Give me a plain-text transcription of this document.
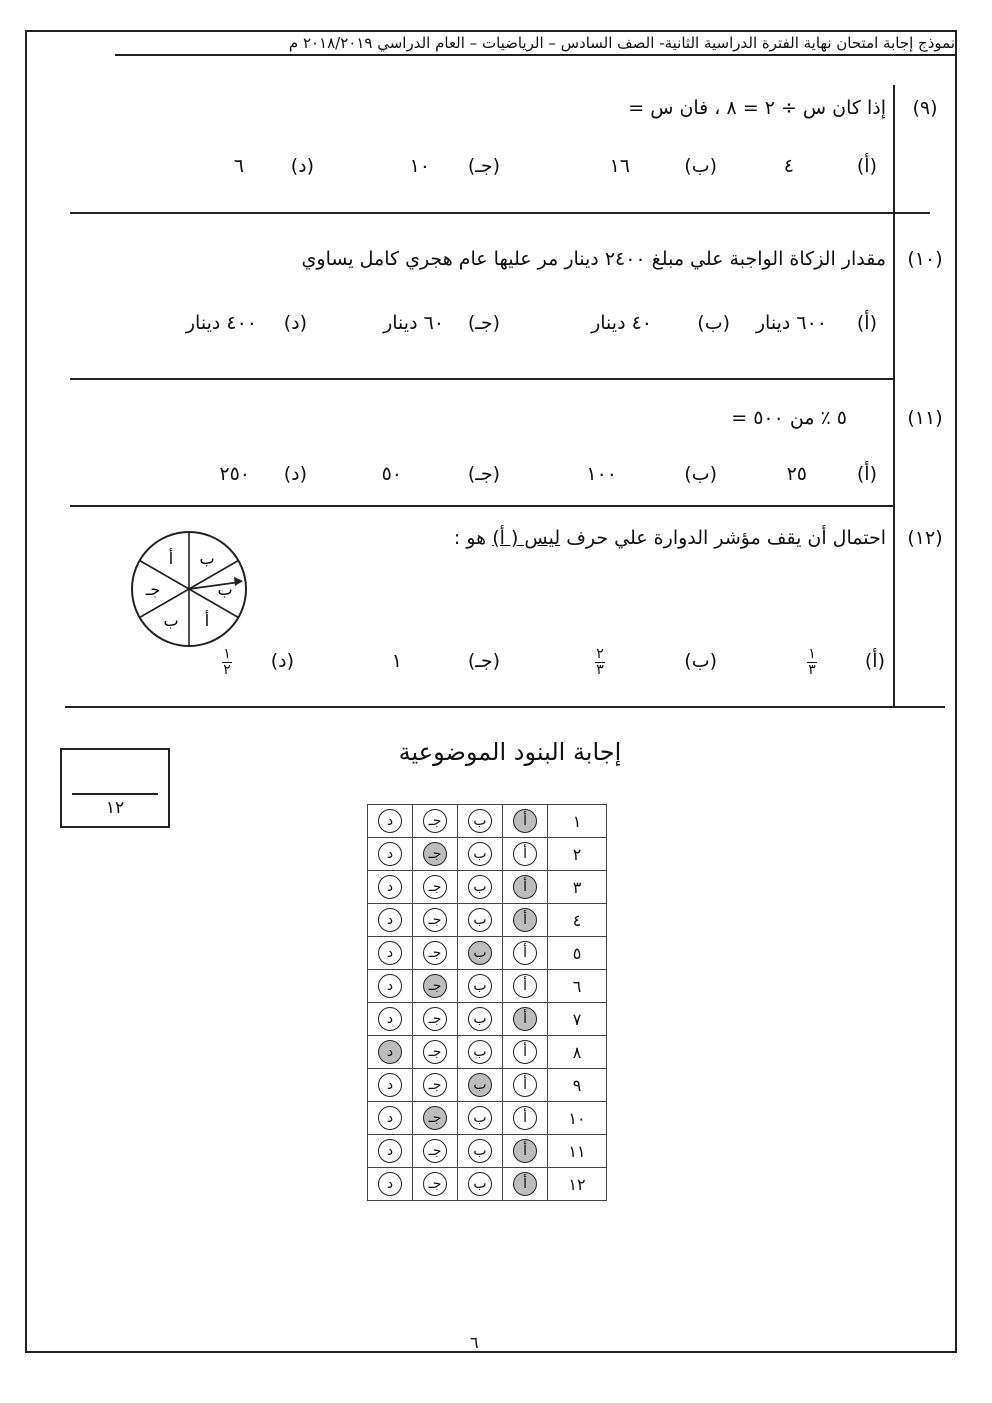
نموذج إجابة امتحان نهاية الفترة الدراسية الثانية- الصف السادس – الرياضيات – العام الدراسي ٢٠١٨/٢٠١٩ م
(٩)
إذا كان س ÷ ٢ = ٨ ، فان س =
(أ)
٤
(ب)
١٦
(جـ)
١٠
(د)
٦
(١٠)
مقدار الزكاة الواجبة علي مبلغ ٢٤٠٠ دينار مر عليها عام هجري كامل يساوي
(أ)
٦٠٠ دينار
(ب)
٤٠ دينار
(جـ)
٦٠ دينار
(د)
٤٠٠ دينار
(١١)
٥ ٪ من ٥٠٠ =
(أ)
٢٥
(ب)
١٠٠
(جـ)
٥٠
(د)
٢٥٠
(١٢)
احتمال أن يقف مؤشر الدوارة علي حرف ليس ( أ) هو :
أ ب
ب
أ
ب
جـ
(أ)
$\frac{١}{٣}$
(ب)
$\frac{٢}{٣}$
(جـ)
١
(د)
$\frac{١}{٢}$
إجابة البنود الموضوعية
١٢
١	أ	ب	جـ	د
٢	أ	ب	جـ	د
٣	أ	ب	جـ	د
٤	أ	ب	جـ	د
٥	أ	ب	جـ	د
٦	أ	ب	جـ	د
٧	أ	ب	جـ	د
٨	أ	ب	جـ	د
٩	أ	ب	جـ	د
١٠	أ	ب	جـ	د
١١	أ	ب	جـ	د
١٢	أ	ب	جـ	د
٦
